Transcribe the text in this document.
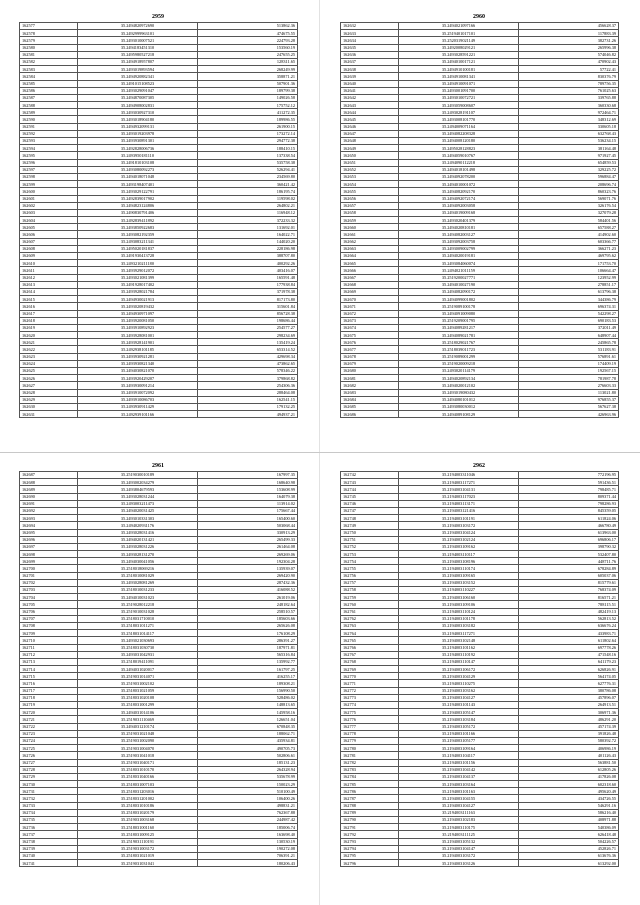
2959
162577	35.2494820972690	513862.36
162578	35.2492999963101	474675.55
162579	35.2493010007521	224793.28
162580	35.2494183451310	153560.19
162581	35.2495980527218	247655.25
162582	35.2494918957807	128311.65
162583	35.2493019893594	268249.99
162584	35.2494920882341	358871.21
162585	35.2491015108523	507901.36
162586	35.2493029091047	189799.38
162587	35.2494870087305	149026.58
162588	35.2494908002831	175752.12
162589	35.2493030927310	411272.35
162590	35.2493018904180	189986.55
162591	35.2494932099131	261900.15
162592	35.2493019203978	173272.14
162593	35.2493930891301	294772.38
162594	35.2492828006736	188410.15
162595	35.2493950181110	137338.54
162596	35.2491810103108	535758.38
162597	35.2493080092273	526294.41
162598	35.2494018071048	234569.80
162599	35.2493198407401	360421.42
162600	35.2493029122791	186195.74
162601	35.2492839017902	119598.02
162602	35.2494823124806	264802.21
162603	35.2490830791406	116948.12
162604	35.2492839411892	372233.32
162605	35.2493850922683	131692.01
162606	35.2493082192359	164022.71
162607	35.2493083211341	144020.20
162608	35.2495020181837	228186.98
162609	35.2491930413728	388707.80
162610	35.2493210211180	400292.26
162611	35.2493929012072	403416.07
162612	35.2493021081399	165591.48
162613	35.2491928017402	177938.84
162614	35.2493928021784	371978.38
162615	35.2494930021913	817173.80
162616	35.2493020819432	315601.84
162617	35.2494930971097	856728.38
162618	35.2493920081050	198686.44
162619	35.2493910892923	254577.27
162620	35.2493928081001	298234.69
162621	35.2493928141901	135419.24
162622	35.2492938101185	653314.52
162623	35.2493930921281	429698.34
162624	35.2493930821340	473862.65
162625	35.2494030821070	578346.22
162626	35.2493920429207	379868.82
162627	35.2493930091214	254306.36
162628	35.2493910072092	288464.08
162629	35.2493910086703	162541.15
162630	35.2493930911429	179132.25
162631	35.2492939101166	494937.21
2960
162632	35.2494021097166	456628.37
162633	35.2519401017101	117883.39
162634	35.2520319021149	382731.26
162635	35.2492008029121	265996.38
162636	35.2493028591221	574046.82
162637	35.2494010017121	470902.43
162638	35.2494910100181	57722.41
162639	35.2494910081341	830376.79
162640	35.2494910091071	789756.35
162641	35.2493001091700	761025.63
162642	35.2493010072721	339765.88
162643	35.2493059008607	360330.68
162644	35.2493028191107	972464.71
162645	35.2493008101770	348312.69
162646	35.2494009071164	330605.18
162647	35.2494082208328	632768.43
162648	35.2494008120180	536234.15
162649	35.2495028128823	381164.48
162650	35.2494059010767	971927.45
162651	35.2494090112218	654859.53
162652	35.2494018101498	329225.72
162653	35.2494092078200	596884.47
162654	35.2494010001072	208696.74
162655	35.2494082092170	860323.76
162656	35.2494092072174	569071.76
162657	35.2494092003058	326176.54
162658	35.2494019009168	327079.28
162659	35.2493020401379	584401.56
162660	35.2494020810181	657588.27
162661	35.2494082003127	414902.60
162662	35.2493092003758	603366.77
162663	35.2493009002799	366271.23
162664	35.2494020019181	469795.62
162665	35.2493084060074	171753.70
162666	35.2494021011159	106664.47
162667	35.2519200027771	123952.99
162668	35.2494010027190	278851.17
162669	35.2494082090172	613796.38
162670	35.2494099001802	344386.79
162671	35.2519089100178	696374.31
162672	35.2494091009080	542298.27
162673	35.2519209001795	690183.53
162674	35.2494089281217	372011.49
162675	35.2494089021781	648907.44
162676	35.2518029021767	245865.78
162677	35.2518039011723	531183.91
162678	35.2519089001299	576891.61
162679	35.2519020009218	174409.19
162680	35.2493020114179	192567.15
162681	35.2494020892134	781987.78
162682	35.2494020012102	276603.33
162683	35.2493019080432	113021.80
162684	35.2494080101012	976855.37
162685	35.2493080030012	567627.38
162686	35.2494089108129	426963.96
2961
162687	35.2519030010189	167997.35
162688	35.2493002034279	168640.98
162689	35.2493804679593	153608.99
162690	35.2493028031244	164079.38
162691	35.2493003211473	113914.02
162692	35.2494020031425	175667.44
162693	35.2493010331303	165400.60
162694	35.2494020931176	503068.44
162695	35.2493028031416	330913.29
162696	35.2494020131421	265499.33
162697	35.2493028031226	261464.08
162698	35.2493028131270	269269.06
162699	35.2494030041056	192304.28
162700	35.2518018069216	135939.07
162701	35.2518010081029	269420.90
162702	35.2493028081269	287432.36
162703	35.2518010031233	416088.52
162704	35.2494010031023	261019.06
162705	35.2519028012218	248182.64
162706	35.2519010031028	258510.57
162707	35.2518031710010	185603.66
162708	35.2518031011271	265626.08
162709	35.2518031014117	176108.29
162710	35.2493021030693	286391.27
162711	35.2518031030730	187971.81
162712	35.2493031042931	565316.84
162713	35.2518019411091	135992.77
162714	35.2494031020017	161797.25
162715	35.2519031014071	416255.17
162716	35.2519031002102	189308.21
162717	35.2518031021059	156990.50
162718	35.2518031020108	528486.02
162719	35.2518031001299	148813.65
162720	35.2494031014106	145958.16
162721	35.2519031110469	126651.04
162722	35.2494031210174	670848.35
162723	35.2519031021048	188062.71
162724	35.2519031002090	435934.81
162725	35.2519031004070	490705.73
162726	35.2519031041018	502806.61
162727	35.2519031040171	185131.23
162728	35.2518031010170	264328.94
162729	35.2518031040166	535678.99
162730	35.2518031007103	150023.29
162731	35.2518031203016	510100.49
162732	35.2518031201002	106400.26
162733	35.2518031010186	498831.21
162734	35.2518031020179	762367.88
162735	35.2519031003168	244987.42
162736	35.2518031001160	185006.74
162737	35.2518031009125	163698.40
162738	35.2519031110191	130530.19
162739	35.2519031003172	190272.08
162740	35.2518031021019	706391.21
162741	35.2519031031041	180206.43
2962
162742	35.2194003311046	772196.95
162743	35.2194003117271	591436.51
162744	35.2194003104131	798485.71
162745	35.2194003117023	809371.44
162746	35.2194003113171	798286.93
162747	35.2194003121416	845359.05
162748	35.2194003101191	611824.06
162749	35.2194003103172	466780.49
162750	35.2194003104124	613963.00
162751	35.2194003102124	696806.17
162752	35.2194003109162	398790.32
162753	35.2194003110117	532407.80
162754	35.2194003108196	448711.76
162755	35.2194003110174	678284.89
162756	35.2194003109165	605037.06
162757	35.2194003103152	815779.61
162758	35.2194003110227	768374.09
162759	35.2194003106160	816571.21
162760	35.2194003109106	788115.51
162761	35.2194003110124	482419.13
162762	35.2194003101178	562813.52
162763	35.2194003103182	636676.24
162764	35.2194003117271	433983.71
162765	35.2194003102148	611802.64
162766	35.2194003101162	697778.26
162767	35.2194003110192	471548.16
162768	35.2194003110147	641179.23
162769	35.2194003106172	626826.91
162770	35.2194003104129	564174.05
162771	35.2194003110275	627776.31
162772	35.2194003103162	380786.08
162773	35.2194003104127	457896.07
162774	35.2194003101143	264913.51
162775	35.2194003105147	306971.36
162776	35.2194003103184	486291.20
162777	35.2194003105172	457174.39
162778	35.2194003101166	391826.48
162779	35.2194003105177	580392.72
162780	35.2194003109164	406986.19
162781	35.2194003104117	401126.43
162782	35.2194003101156	563881.50
162783	35.2194003104142	612805.26
162784	35.2194003104137	417826.08
162785	35.2194003103164	602318.60
162786	35.2194003101163	495620.49
162787	35.2194003104155	434726.55
162788	35.2194003104127	546291.16
162789	35.2194003111163	586216.40
162790	35.2194003102183	408971.88
162791	35.2194003110175	540386.09
162792	35.2194003111125	626418.48
162793	35.2194003105132	504226.57
162794	35.2194003104147	452826.71
162795	35.2194003103172	613676.36
162796	35.2194003103126	613292.00
